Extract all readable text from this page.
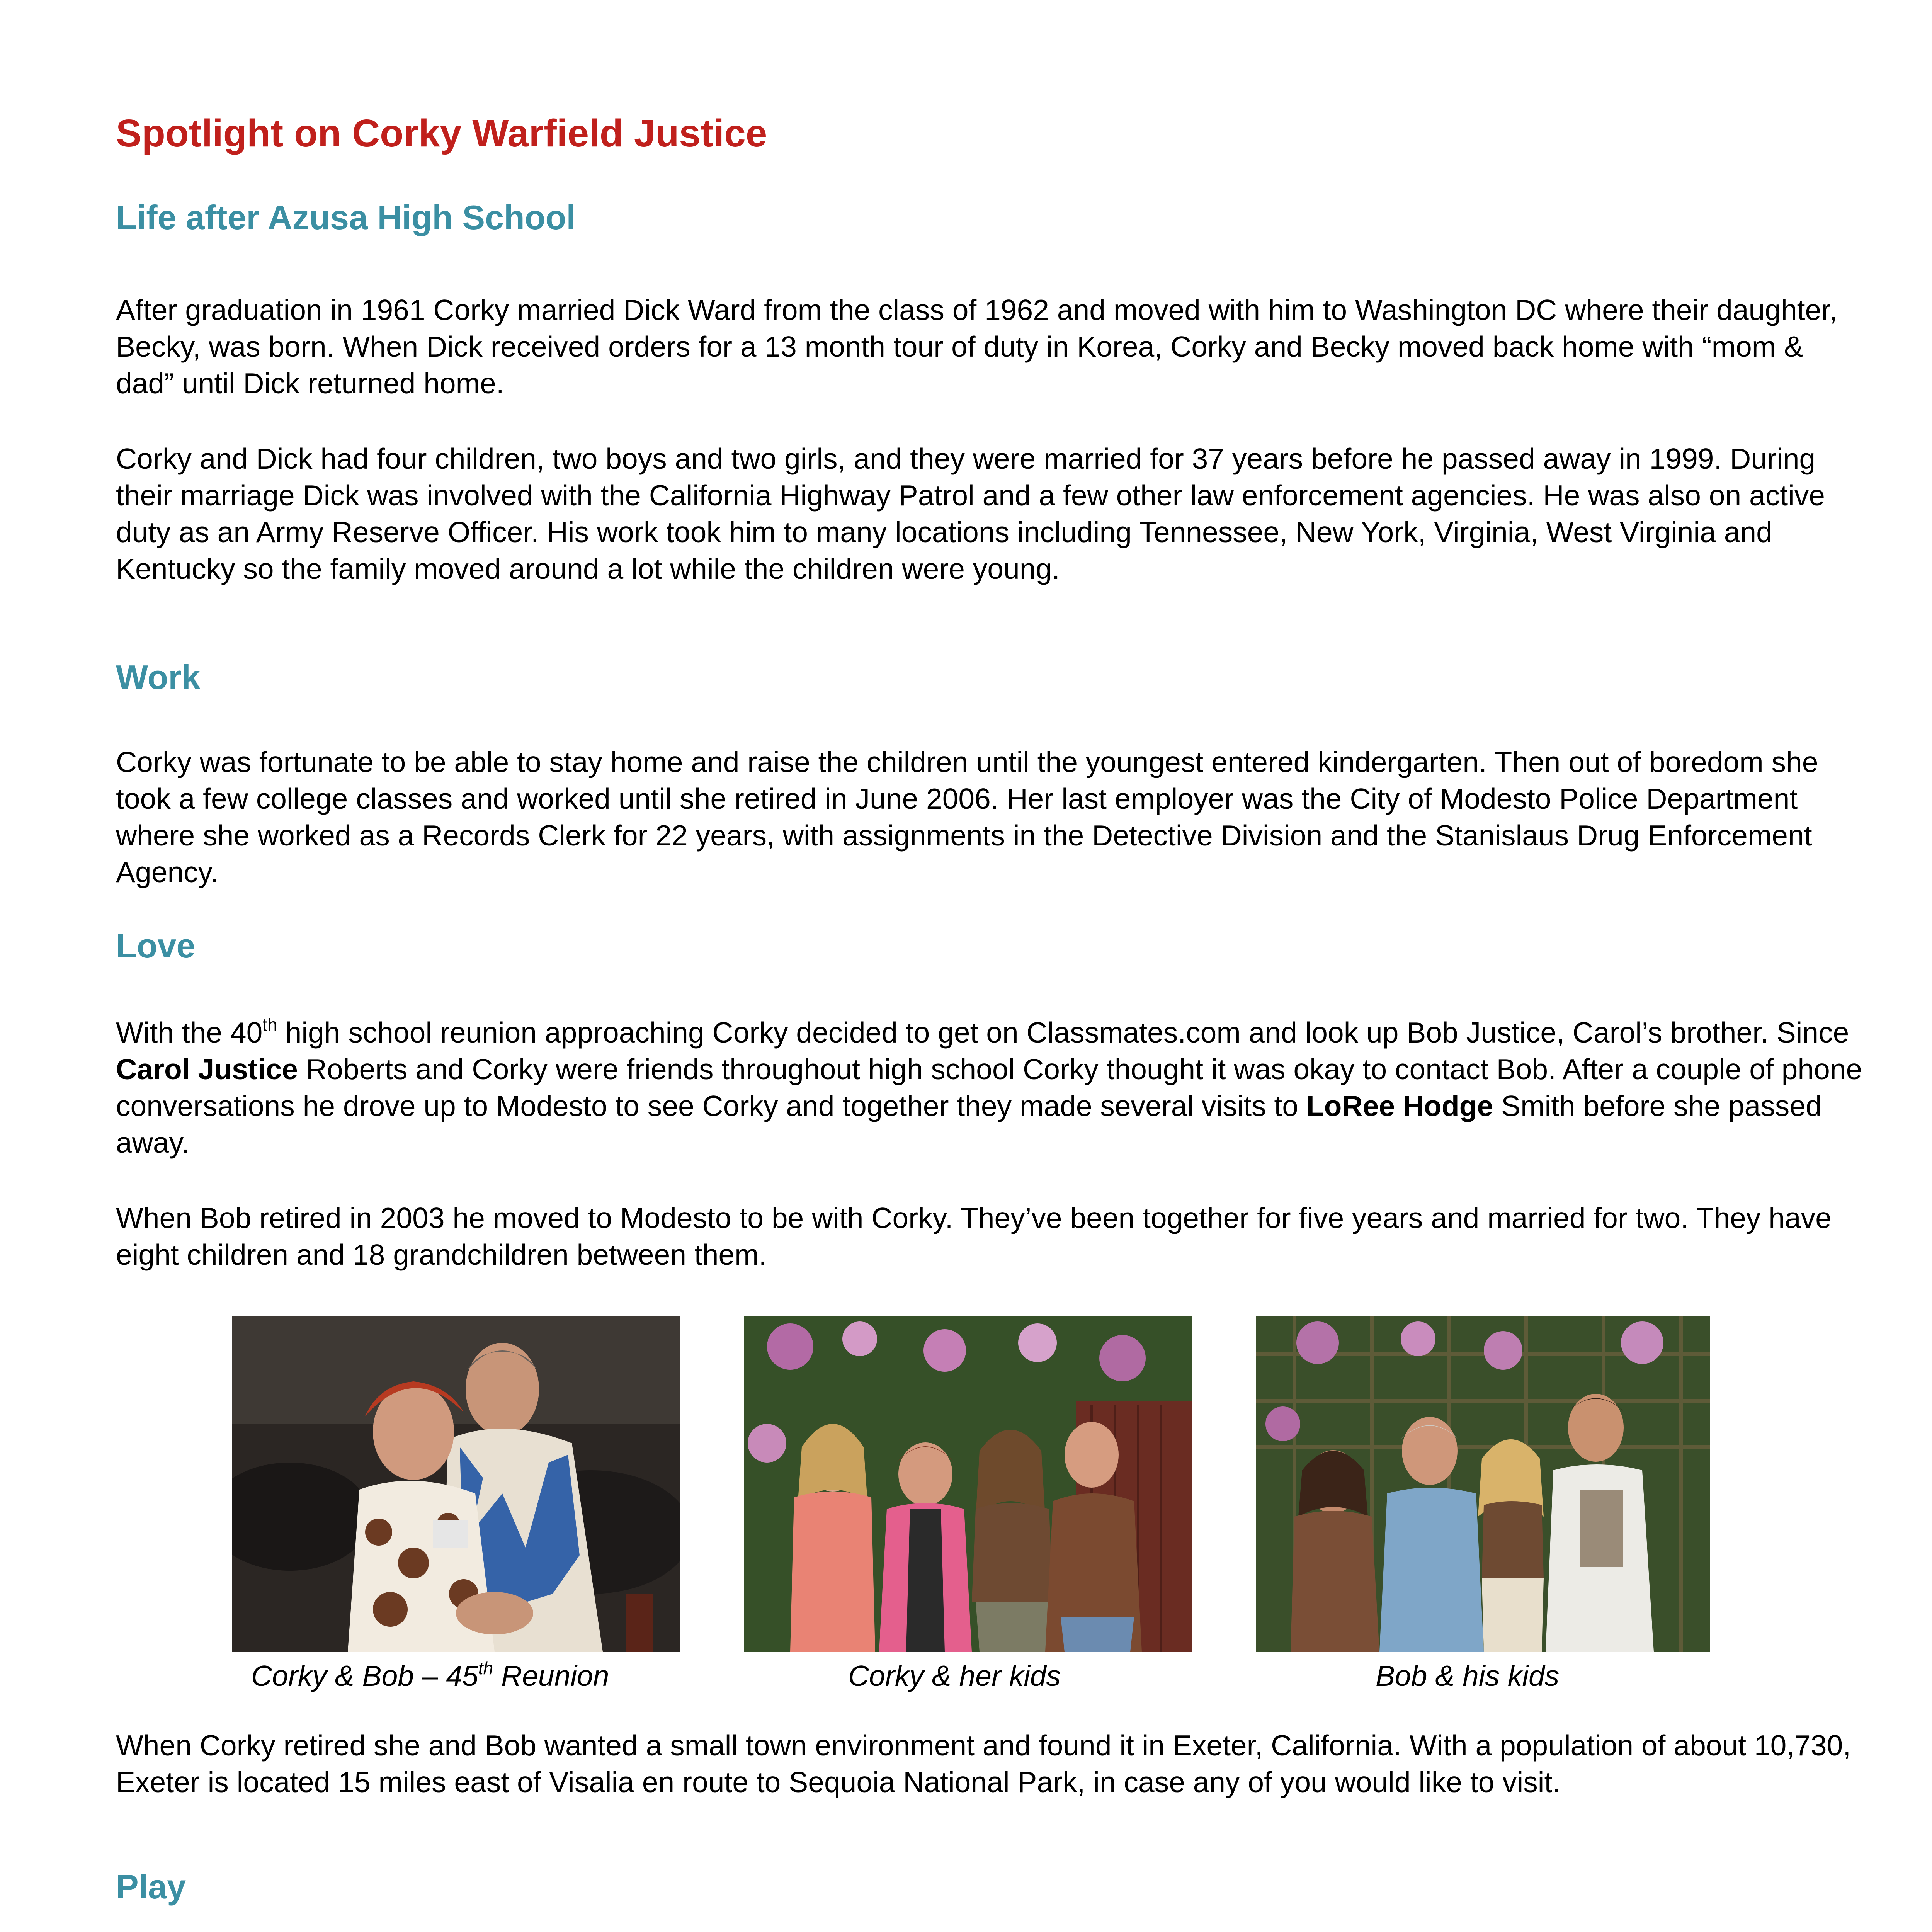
Spotlight on Corky Warfield Justice
Life after Azusa High School

After graduation in 1961 Corky married Dick Ward from the class of 1962 and moved with him to Washington DC where their daughter, Becky, was born. When Dick received orders for a 13 month tour of duty in Korea, Corky and Becky moved back home with “mom & dad” until Dick returned home.

Corky and Dick had four children, two boys and two girls, and they were married for 37 years before he passed away in 1999. During their marriage Dick was involved with the California Highway Patrol and a few other law enforcement agencies. He was also on active duty as an Army Reserve Officer. His work took him to many locations including Tennessee, New York, Virginia, West Virginia and Kentucky so the family moved around a lot while the children were young.

Work

Corky was fortunate to be able to stay home and raise the children until the youngest entered kindergarten. Then out of boredom she took a few college classes and worked until she retired in June 2006. Her last employer was the City of Modesto Police Department where she worked as a Records Clerk for 22 years, with assignments in the Detective Division and the Stanislaus Drug Enforcement Agency.

Love

With the 40th high school reunion approaching Corky decided to get on Classmates.com and look up Bob Justice, Carol’s brother. Since Carol Justice Roberts and Corky were friends throughout high school Corky thought it was okay to contact Bob. After a couple of phone conversations he drove up to Modesto to see Corky and together they made several visits to LoRee Hodge Smith before she passed away.

When Bob retired in 2003 he moved to Modesto to be with Corky. They’ve been together for five years and married for two. They have eight children and 18 grandchildren between them.

Corky & Bob – 45th Reunion	Corky & her kids	Bob & his kids

When Corky retired she and Bob wanted a small town environment and found it in Exeter, California. With a population of about 10,730, Exeter is located 15 miles east of Visalia en route to Sequoia National Park, in case any of you would like to visit.

Play
